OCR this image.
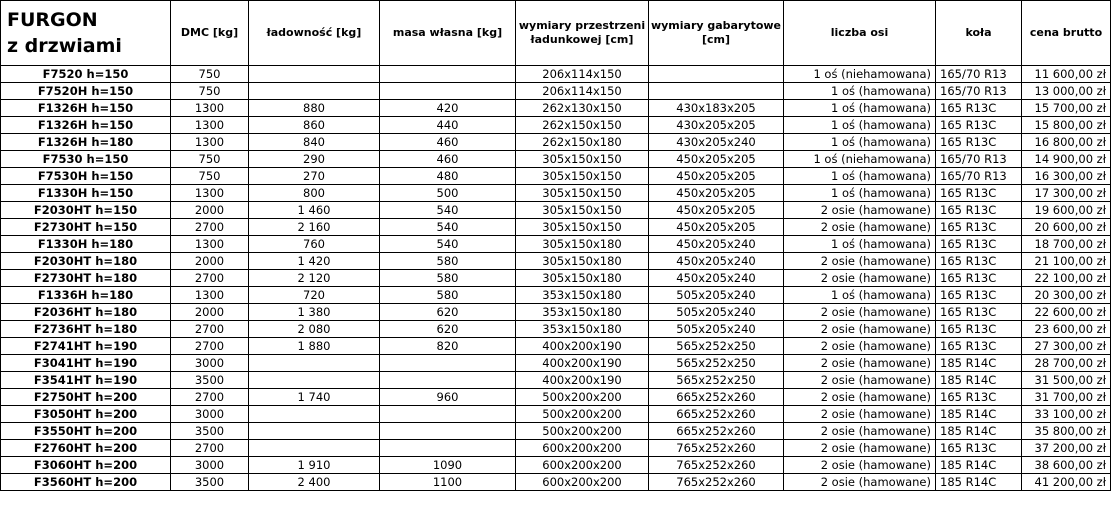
FURGON
z drzwiami	DMC [kg]	ładowność [kg]	masa własna [kg]	wymiary przestrzeni ładunkowej [cm]	wymiary gabarytowe [cm]	liczba osi	koła	cena brutto
F7520 h=150	750			206x114x150		1 oś (niehamowana)	165/70 R13	11 600,00 zł
F7520H h=150	750			206x114x150		1 oś (hamowana)	165/70 R13	13 000,00 zł
F1326H h=150	1300	880	420	262x130x150	430x183x205	1 oś (hamowana)	165 R13C	15 700,00 zł
F1326H h=150	1300	860	440	262x150x150	430x205x205	1 oś (hamowana)	165 R13C	15 800,00 zł
F1326H h=180	1300	840	460	262x150x180	430x205x240	1 oś (hamowana)	165 R13C	16 800,00 zł
F7530 h=150	750	290	460	305x150x150	450x205x205	1 oś (niehamowana)	165/70 R13	14 900,00 zł
F7530H h=150	750	270	480	305x150x150	450x205x205	1 oś (hamowana)	165/70 R13	16 300,00 zł
F1330H h=150	1300	800	500	305x150x150	450x205x205	1 oś (hamowana)	165 R13C	17 300,00 zł
F2030HT h=150	2000	1 460	540	305x150x150	450x205x205	2 osie (hamowane)	165 R13C	19 600,00 zł
F2730HT h=150	2700	2 160	540	305x150x150	450x205x205	2 osie (hamowane)	165 R13C	20 600,00 zł
F1330H h=180	1300	760	540	305x150x180	450x205x240	1 oś (hamowana)	165 R13C	18 700,00 zł
F2030HT h=180	2000	1 420	580	305x150x180	450x205x240	2 osie (hamowane)	165 R13C	21 100,00 zł
F2730HT h=180	2700	2 120	580	305x150x180	450x205x240	2 osie (hamowane)	165 R13C	22 100,00 zł
F1336H h=180	1300	720	580	353x150x180	505x205x240	1 oś (hamowana)	165 R13C	20 300,00 zł
F2036HT h=180	2000	1 380	620	353x150x180	505x205x240	2 osie (hamowane)	165 R13C	22 600,00 zł
F2736HT h=180	2700	2 080	620	353x150x180	505x205x240	2 osie (hamowane)	165 R13C	23 600,00 zł
F2741HT h=190	2700	1 880	820	400x200x190	565x252x250	2 osie (hamowane)	165 R13C	27 300,00 zł
F3041HT h=190	3000			400x200x190	565x252x250	2 osie (hamowane)	185 R14C	28 700,00 zł
F3541HT h=190	3500			400x200x190	565x252x250	2 osie (hamowane)	185 R14C	31 500,00 zł
F2750HT h=200	2700	1 740	960	500x200x200	665x252x260	2 osie (hamowane)	165 R13C	31 700,00 zł
F3050HT h=200	3000			500x200x200	665x252x260	2 osie (hamowane)	185 R14C	33 100,00 zł
F3550HT h=200	3500			500x200x200	665x252x260	2 osie (hamowane)	185 R14C	35 800,00 zł
F2760HT h=200	2700			600x200x200	765x252x260	2 osie (hamowane)	165 R13C	37 200,00 zł
F3060HT h=200	3000	1 910	1090	600x200x200	765x252x260	2 osie (hamowane)	185 R14C	38 600,00 zł
F3560HT h=200	3500	2 400	1100	600x200x200	765x252x260	2 osie (hamowane)	185 R14C	41 200,00 zł
